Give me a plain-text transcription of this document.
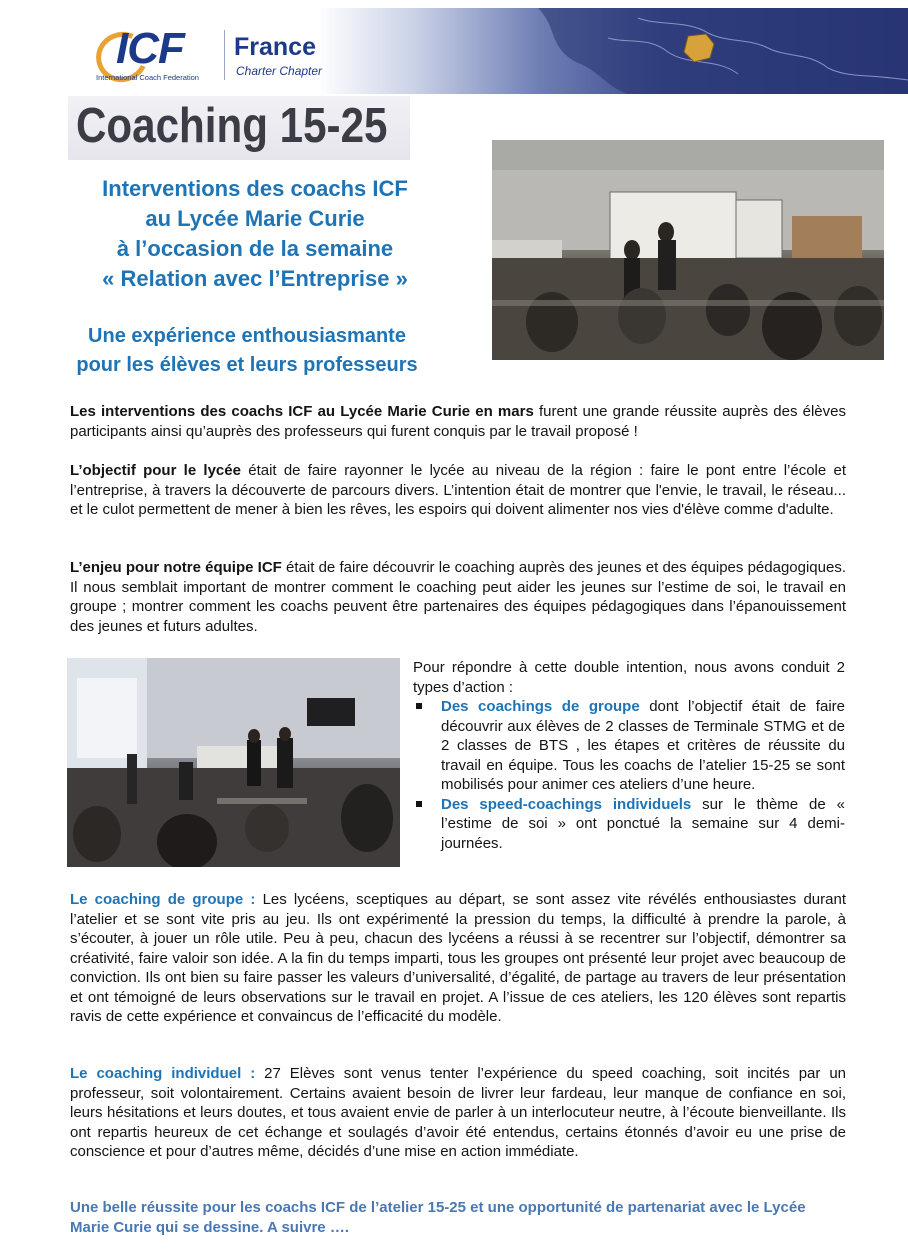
ICF
International Coach Federation
France
Charter Chapter
Coaching 15-25
Interventions des coachs ICF
au Lycée Marie Curie
à l’occasion de la semaine
« Relation avec l’Entreprise »
Une expérience enthousiasmante
pour les élèves et leurs professeurs

Les interventions des coachs ICF au Lycée Marie Curie en mars furent une grande réussite auprès des élèves participants ainsi qu’auprès des professeurs qui furent conquis par le travail proposé !

L’objectif pour le lycée était de faire rayonner le lycée au niveau de la région : faire le pont entre l’école et l’entreprise, à travers la découverte de parcours divers. L’intention était de montrer que l'envie, le travail, le réseau... et le culot permettent de mener à bien les rêves, les espoirs qui doivent alimenter nos vies d'élève comme d'adulte.

L’enjeu pour notre équipe ICF était de faire découvrir le coaching auprès des jeunes et des équipes pédagogiques. Il nous semblait important de montrer comment le coaching peut aider les jeunes sur l’estime de soi, le travail en groupe ; montrer comment les coachs peuvent être partenaires des équipes pédagogiques dans l’épanouissement des jeunes et futurs adultes.

Pour répondre à cette double intention, nous avons conduit 2 types d’action :

Des coachings de groupe dont l’objectif était de faire découvrir aux élèves de 2 classes de Terminale STMG et de 2 classes de BTS , les étapes et critères de réussite du travail en équipe. Tous les coachs de l’atelier 15-25 se sont mobilisés pour animer ces ateliers d’une heure.

Des speed-coachings individuels sur le thème de « l’estime de soi » ont ponctué la semaine sur 4 demi-journées.

Le coaching de groupe : Les lycéens, sceptiques au départ, se sont assez vite révélés enthousiastes durant l’atelier et se sont vite pris au jeu. Ils ont expérimenté la pression du temps, la difficulté à prendre la parole, à s’écouter, à jouer un rôle utile. Peu à peu, chacun des lycéens a réussi à se recentrer sur l’objectif, démontrer sa créativité, faire valoir son idée. A la fin du temps imparti, tous les groupes ont présenté leur projet avec beaucoup de conviction. Ils ont bien su faire passer les valeurs d’universalité, d’égalité, de partage au travers de leur présentation et ont témoigné de leurs observations sur le travail en projet. A l’issue de ces ateliers, les 120 élèves sont repartis ravis de cette expérience et convaincus de l’efficacité du modèle.

Le coaching individuel : 27 Elèves sont venus tenter l’expérience du speed coaching, soit incités par un professeur, soit volontairement. Certains avaient besoin de livrer leur fardeau, leur manque de confiance en soi, leurs hésitations et leurs doutes, et tous avaient envie de parler à un interlocuteur neutre, à l’écoute bienveillante. Ils ont repartis heureux de cet échange et soulagés d’avoir été entendus, certains étonnés d’avoir eu une prise de conscience et pour d’autres même, décidés d’une mise en action immédiate.

Une belle réussite pour les coachs ICF de l’atelier 15-25 et une opportunité de partenariat avec le Lycée Marie Curie qui se dessine. A suivre ….
